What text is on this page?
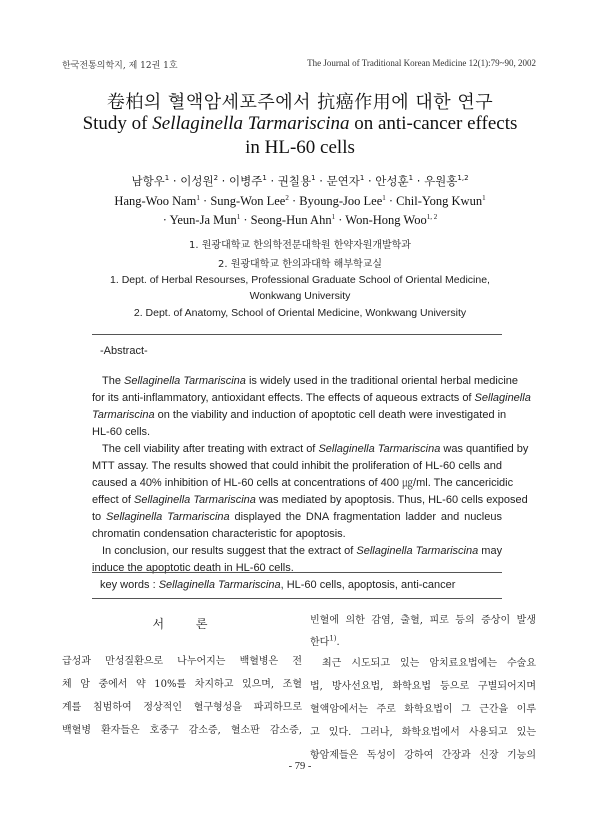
한국전통의학지, 제 12권 1호	The Journal of Traditional Korean Medicine 12(1):79~90, 2002
卷柏의 혈액암세포주에서 抗癌作用에 대한 연구
Study of Sellaginella Tarmariscina on anti-cancer effects
in HL-60 cells
남항우$^1$ · 이성원$^2$ · 이병주$^1$ · 권칠용$^1$ · 문연자$^1$ · 안성훈$^1$ · 우원홍$^{1,2}$
Hang-Woo Nam$^1$ · Sung-Won Lee$^2$ · Byoung-Joo Lee$^1$ · Chil-Yong Kwun$^1$
· Yeun-Ja Mun$^1$ · Seong-Hun Ahn$^1$ · Won-Hong Woo$^{1, 2}$
1. 원광대학교 한의학전문대학원 한약자원개발학과
2. 원광대학교 한의과대학 해부학교실
1. Dept. of Herbal Resourses, Professional Graduate School of Oriental Medicine,
Wonkwang University
2. Dept. of Anatomy, School of Oriental Medicine, Wonkwang University
-Abstract-
The Sellaginella Tarmariscina is widely used in the traditional oriental herbal medicine
for its anti-inflammatory, antioxidant effects. The effects of aqueous extracts of Sellaginella
Tarmariscina on the viability and induction of apoptotic cell death were investigated in
HL-60 cells.
The cell viability after treating with extract of Sellaginella Tarmariscina was quantified by
MTT assay. The results showed that could inhibit the proliferation of HL-60 cells and
caused a 40% inhibition of HL-60 cells at concentrations of 400 ㎍/ml. The cancericidic
effect of Sellaginella Tarmariscina was mediated by apoptosis. Thus, HL-60 cells exposed
to Sellaginella Tarmariscina displayed the DNA fragmentation ladder and nucleus
chromatin condensation characteristic for apoptosis.
In conclusion, our results suggest that the extract of Sellaginella Tarmariscina may
induce the apoptotic death in HL-60 cells.
key words : Sellaginella Tarmariscina, HL-60 cells, apoptosis, anti-cancer
서 론
급성과 만성질환으로 나누어지는 백혈병은 전
체 암 중에서 약 10%를 차지하고 있으며, 조혈
계를 침범하여 정상적인 혈구형성을 파괴하므로
백혈병 환자들은 호중구 감소증, 혈소판 감소증,
빈혈에 의한 감염, 출혈, 피로 등의 증상이 발생
한다$^{1)}$.
최근 시도되고 있는 암치료요법에는 수술요
법, 방사선요법, 화학요법 등으로 구별되어지며
혈액암에서는 주로 화학요법이 그 근간을 이루
고 있다. 그러나, 화학요법에서 사용되고 있는
항암제들은 독성이 강하여 간장과 신장 기능의
- 79 -
